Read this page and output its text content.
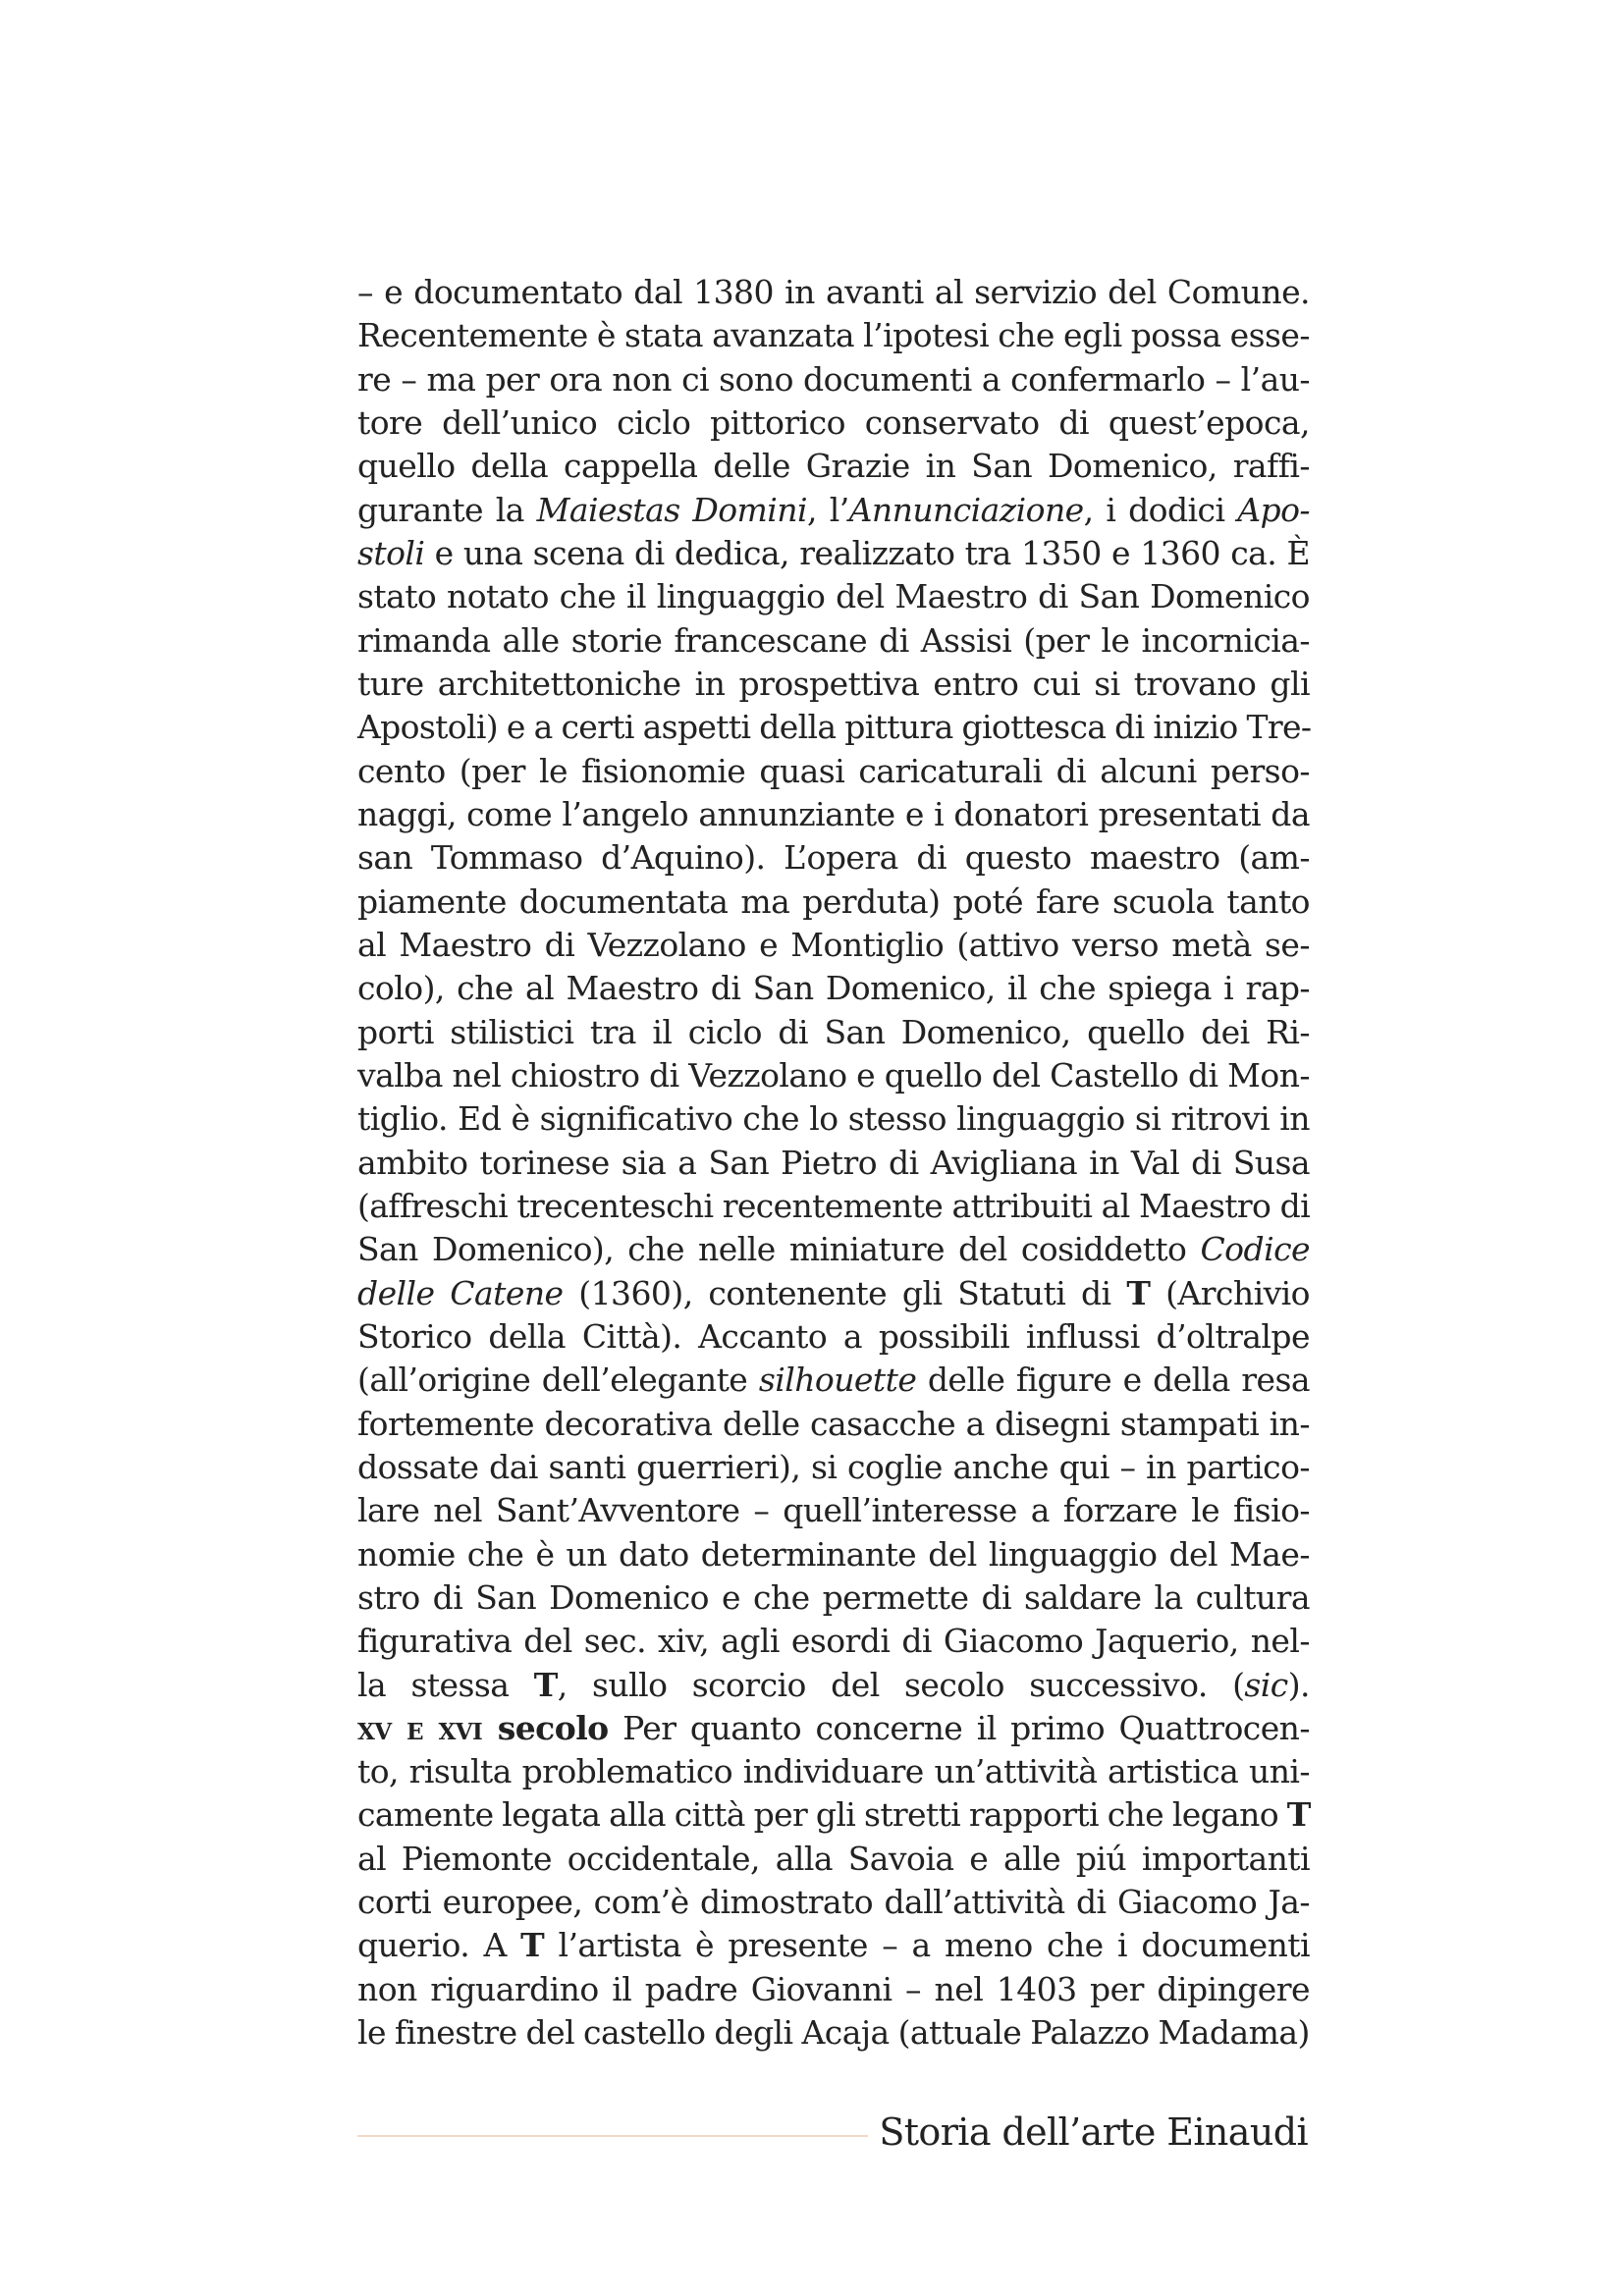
– e documentato dal 1380 in avanti al servizio del Comune.
Recentemente è stata avanzata l’ipotesi che egli possa esse-
re – ma per ora non ci sono documenti a confermarlo – l’au-
tore dell’unico ciclo pittorico conservato di quest’epoca,
quello della cappella delle Grazie in San Domenico, raffi-
gurante la Maiestas Domini, l’Annunciazione, i dodici Apo-
stoli e una scena di dedica, realizzato tra 1350 e 1360 ca. È
stato notato che il linguaggio del Maestro di San Domenico
rimanda alle storie francescane di Assisi (per le incornicia-
ture architettoniche in prospettiva entro cui si trovano gli
Apostoli) e a certi aspetti della pittura giottesca di inizio Tre-
cento (per le fisionomie quasi caricaturali di alcuni perso-
naggi, come l’angelo annunziante e i donatori presentati da
san Tommaso d’Aquino). L’opera di questo maestro (am-
piamente documentata ma perduta) poté fare scuola tanto
al Maestro di Vezzolano e Montiglio (attivo verso metà se-
colo), che al Maestro di San Domenico, il che spiega i rap-
porti stilistici tra il ciclo di San Domenico, quello dei Ri-
valba nel chiostro di Vezzolano e quello del Castello di Mon-
tiglio. Ed è significativo che lo stesso linguaggio si ritrovi in
ambito torinese sia a San Pietro di Avigliana in Val di Susa
(affreschi trecenteschi recentemente attribuiti al Maestro di
San Domenico), che nelle miniature del cosiddetto Codice
delle Catene (1360), contenente gli Statuti di T (Archivio
Storico della Città). Accanto a possibili influssi d’oltralpe
(all’origine dell’elegante silhouette delle figure e della resa
fortemente decorativa delle casacche a disegni stampati in-
dossate dai santi guerrieri), si coglie anche qui – in partico-
lare nel Sant’Avventore – quell’interesse a forzare le fisio-
nomie che è un dato determinante del linguaggio del Mae-
stro di San Domenico e che permette di saldare la cultura
figurativa del sec. xiv, agli esordi di Giacomo Jaquerio, nel-
la stessa T, sullo scorcio del secolo successivo. (sic).
xv e xvi secolo Per quanto concerne il primo Quattrocen-
to, risulta problematico individuare un’attività artistica uni-
camente legata alla città per gli stretti rapporti che legano T
al Piemonte occidentale, alla Savoia e alle piú importanti
corti europee, com’è dimostrato dall’attività di Giacomo Ja-
querio. A T l’artista è presente – a meno che i documenti
non riguardino il padre Giovanni – nel 1403 per dipingere
le finestre del castello degli Acaja (attuale Palazzo Madama)
Storia dell’arte Einaudi
